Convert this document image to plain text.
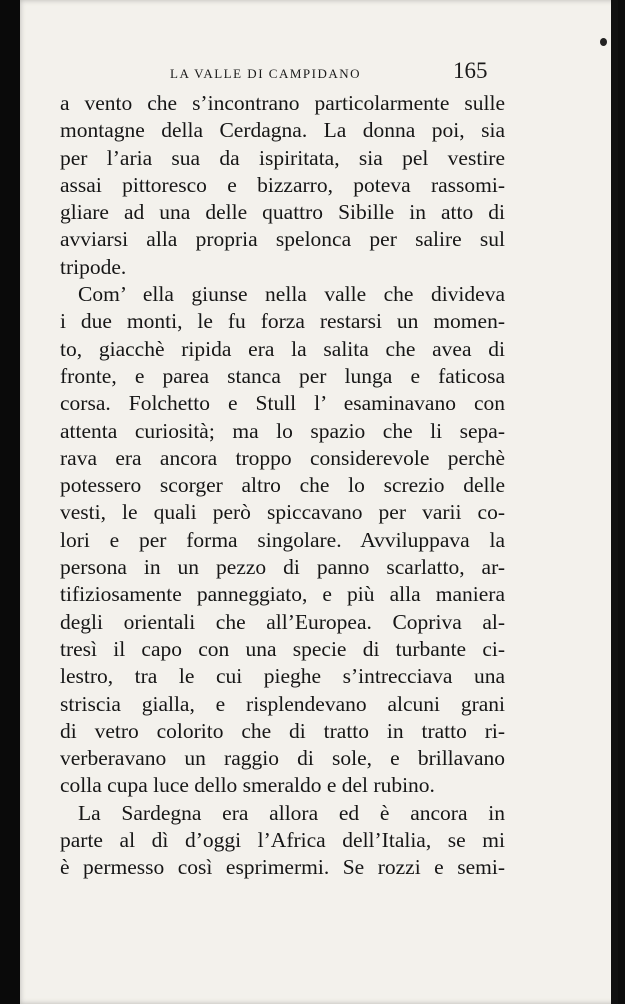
LA VALLE DI CAMPIDANO	165
a vento che s’incontrano particolarmente sulle
montagne della Cerdagna. La donna poi, sia
per l’aria sua da ispiritata, sia pel vestire
assai pittoresco e bizzarro, poteva rassomi-
gliare ad una delle quattro Sibille in atto di
avviarsi alla propria spelonca per salire sul
tripode.
Com’ ella giunse nella valle che divideva
i due monti, le fu forza restarsi un momen-
to, giacchè ripida era la salita che avea di
fronte, e parea stanca per lunga e faticosa
corsa. Folchetto e Stull l’ esaminavano con
attenta curiosità; ma lo spazio che li sepa-
rava era ancora troppo considerevole perchè
potessero scorger altro che lo screzio delle
vesti, le quali però spiccavano per varii co-
lori e per forma singolare. Avviluppava la
persona in un pezzo di panno scarlatto, ar-
tifiziosamente panneggiato, e più alla maniera
degli orientali che all’Europea. Copriva al-
tresì il capo con una specie di turbante ci-
lestro, tra le cui pieghe s’intrecciava una
striscia gialla, e risplendevano alcuni grani
di vetro colorito che di tratto in tratto ri-
verberavano un raggio di sole, e brillavano
colla cupa luce dello smeraldo e del rubino.
La Sardegna era allora ed è ancora in
parte al dì d’oggi l’Africa dell’Italia, se mi
è permesso così esprimermi. Se rozzi e semi-
